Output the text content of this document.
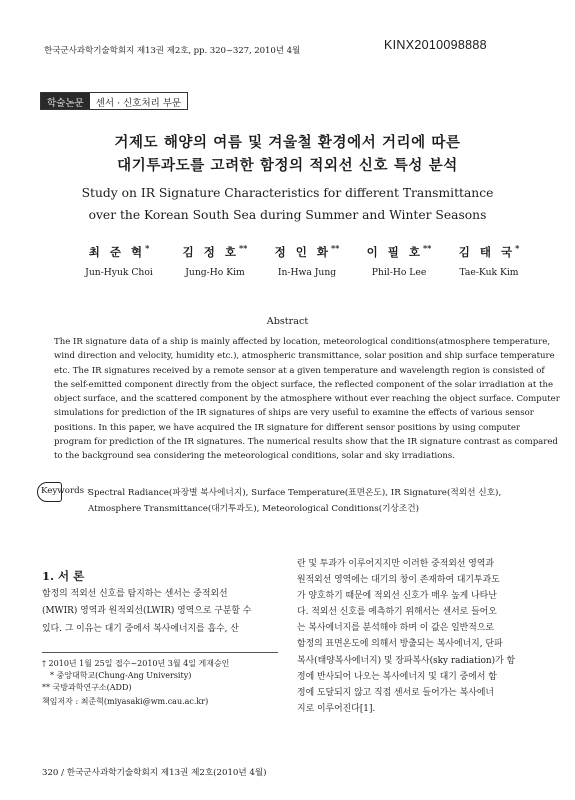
한국군사과학기술학회지 제13권 제2호, pp. 320~327, 2010년 4월	KINX2010098888
학술논문	센서 · 신호처리 부문
거제도 해양의 여름 및 겨울철 환경에서 거리에 따른
대기투과도를 고려한 함정의 적외선 신호 특성 분석
Study on IR Signature Characteristics for different Transmittance
over the Korean South Sea during Summer and Winter Seasons
최 준 혁*
Jun-Hyuk Choi
김 정 호**
Jung-Ho Kim
정 인 화**
In-Hwa Jung
이 필 호**
Phil-Ho Lee
김 태 국*
Tae-Kuk Kim
Abstract
The IR signature data of a ship is mainly affected by location, meteorological conditions(atmosphere temperature,
wind direction and velocity, humidity etc.), atmospheric transmittance, solar position and ship surface temperature
etc. The IR signatures received by a remote sensor at a given temperature and wavelength region is consisted of
the self-emitted component directly from the object surface, the reflected component of the solar irradiation at the
object surface, and the scattered component by the atmosphere without ever reaching the object surface. Computer
simulations for prediction of the IR signatures of ships are very useful to examine the effects of various sensor
positions. In this paper, we have acquired the IR signature for different sensor positions by using computer
program for prediction of the IR signatures. The numerical results show that the IR signature contrast as compared
to the background sea considering the meteorological conditions, solar and sky irradiations.
Keywords :
Spectral Radiance(파장별 복사에너지), Surface Temperature(표면온도), IR Signature(적외선 신호),
Atmosphere Transmittance(대기투과도), Meteorological Conditions(기상조건)
1. 서 론
함정의 적외선 신호를 탐지하는 센서는 중적외선
(MWIR) 영역과 원적외선(LWIR) 영역으로 구분할 수
있다. 그 이유는 대기 중에서 복사에너지를 흡수, 산
란 및 투과가 이루어지지만 이러한 중적외선 영역과
원적외선 영역에는 대기의 창이 존재하여 대기투과도
가 양호하기 때문에 적외선 신호가 매우 높게 나타난
다. 적외선 신호를 예측하기 위해서는 센서로 들어오
는 복사에너지를 분석해야 하며 이 값은 일반적으로
함정의 표면온도에 의해서 방출되는 복사에너지, 단파
복사(태양복사에너지) 및 장파복사(sky radiation)가 함
정에 반사되어 나오는 복사에너지 및 대기 중에서 함
정에 도달되지 않고 직접 센서로 들어가는 복사에너
지로 이루어진다[1].
† 2010년 1월 25일 접수~2010년 3월 4일 게재승인
* 중앙대학교(Chung-Ang University)
** 국방과학연구소(ADD)
책임저자 : 최준혁(miyasaki@wm.cau.ac.kr)
320 / 한국군사과학기술학회지 제13권 제2호(2010년 4월)
